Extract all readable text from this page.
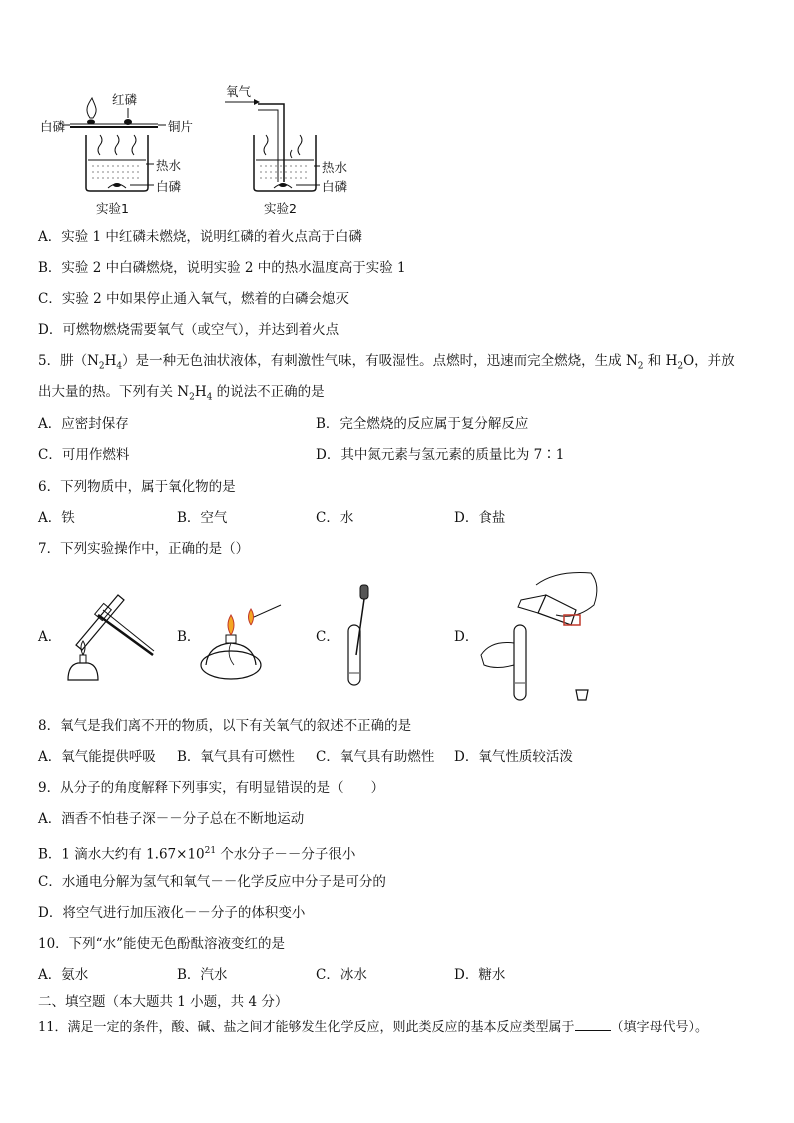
红磷
白磷	铜片
热水
白磷
实验1
氧气
热水
白磷
实验2
A．实验 1 中红磷未燃烧，说明红磷的着火点高于白磷
B．实验 2 中白磷燃烧，说明实验 2 中的热水温度高于实验 1
C．实验 2 中如果停止通入氧气，燃着的白磷会熄灭
D．可燃物燃烧需要氧气（或空气），并达到着火点
5．肼$(N_2H_4)$是一种无色油状液体，有刺激性气味，有吸湿性。点燃时，迅速而完全燃烧，生成 $N_2$ 和 $H_2O$，并放
出大量的热。下列有关 $N_2H_4$ 的说法不正确的是
A．应密封保存	B．完全燃烧的反应属于复分解反应
C．可用作燃料	D．其中氮元素与氢元素的质量比为 7∶1
6．下列物质中，属于氧化物的是
A．铁	B．空气	C．水	D．食盐
7．下列实验操作中，正确的是（）
A．	B．	C．	D．
8．氧气是我们离不开的物质，以下有关氧气的叙述不正确的是
A．氧气能提供呼吸 B．氧气具有可燃性 C．氧气具有助燃性 D．氧气性质较活泼
9．从分子的角度解释下列事实，有明显错误的是（　　）
A．酒香不怕巷子深－－分子总在不断地运动
B．1 滴水大约有 $1.67\times 10^{21}$ 个水分子－－分子很小
C．水通电分解为氢气和氧气－－化学反应中分子是可分的
D．将空气进行加压液化－－分子的体积变小
10．下列“水”能使无色酚酞溶液变红的是
A．氨水	B．汽水	C．冰水	D．糖水
二、填空题（本大题共 1 小题，共 4 分）
11．满足一定的条件，酸、碱、盐之间才能够发生化学反应，则此类反应的基本反应类型属于	（填字母代号）。
